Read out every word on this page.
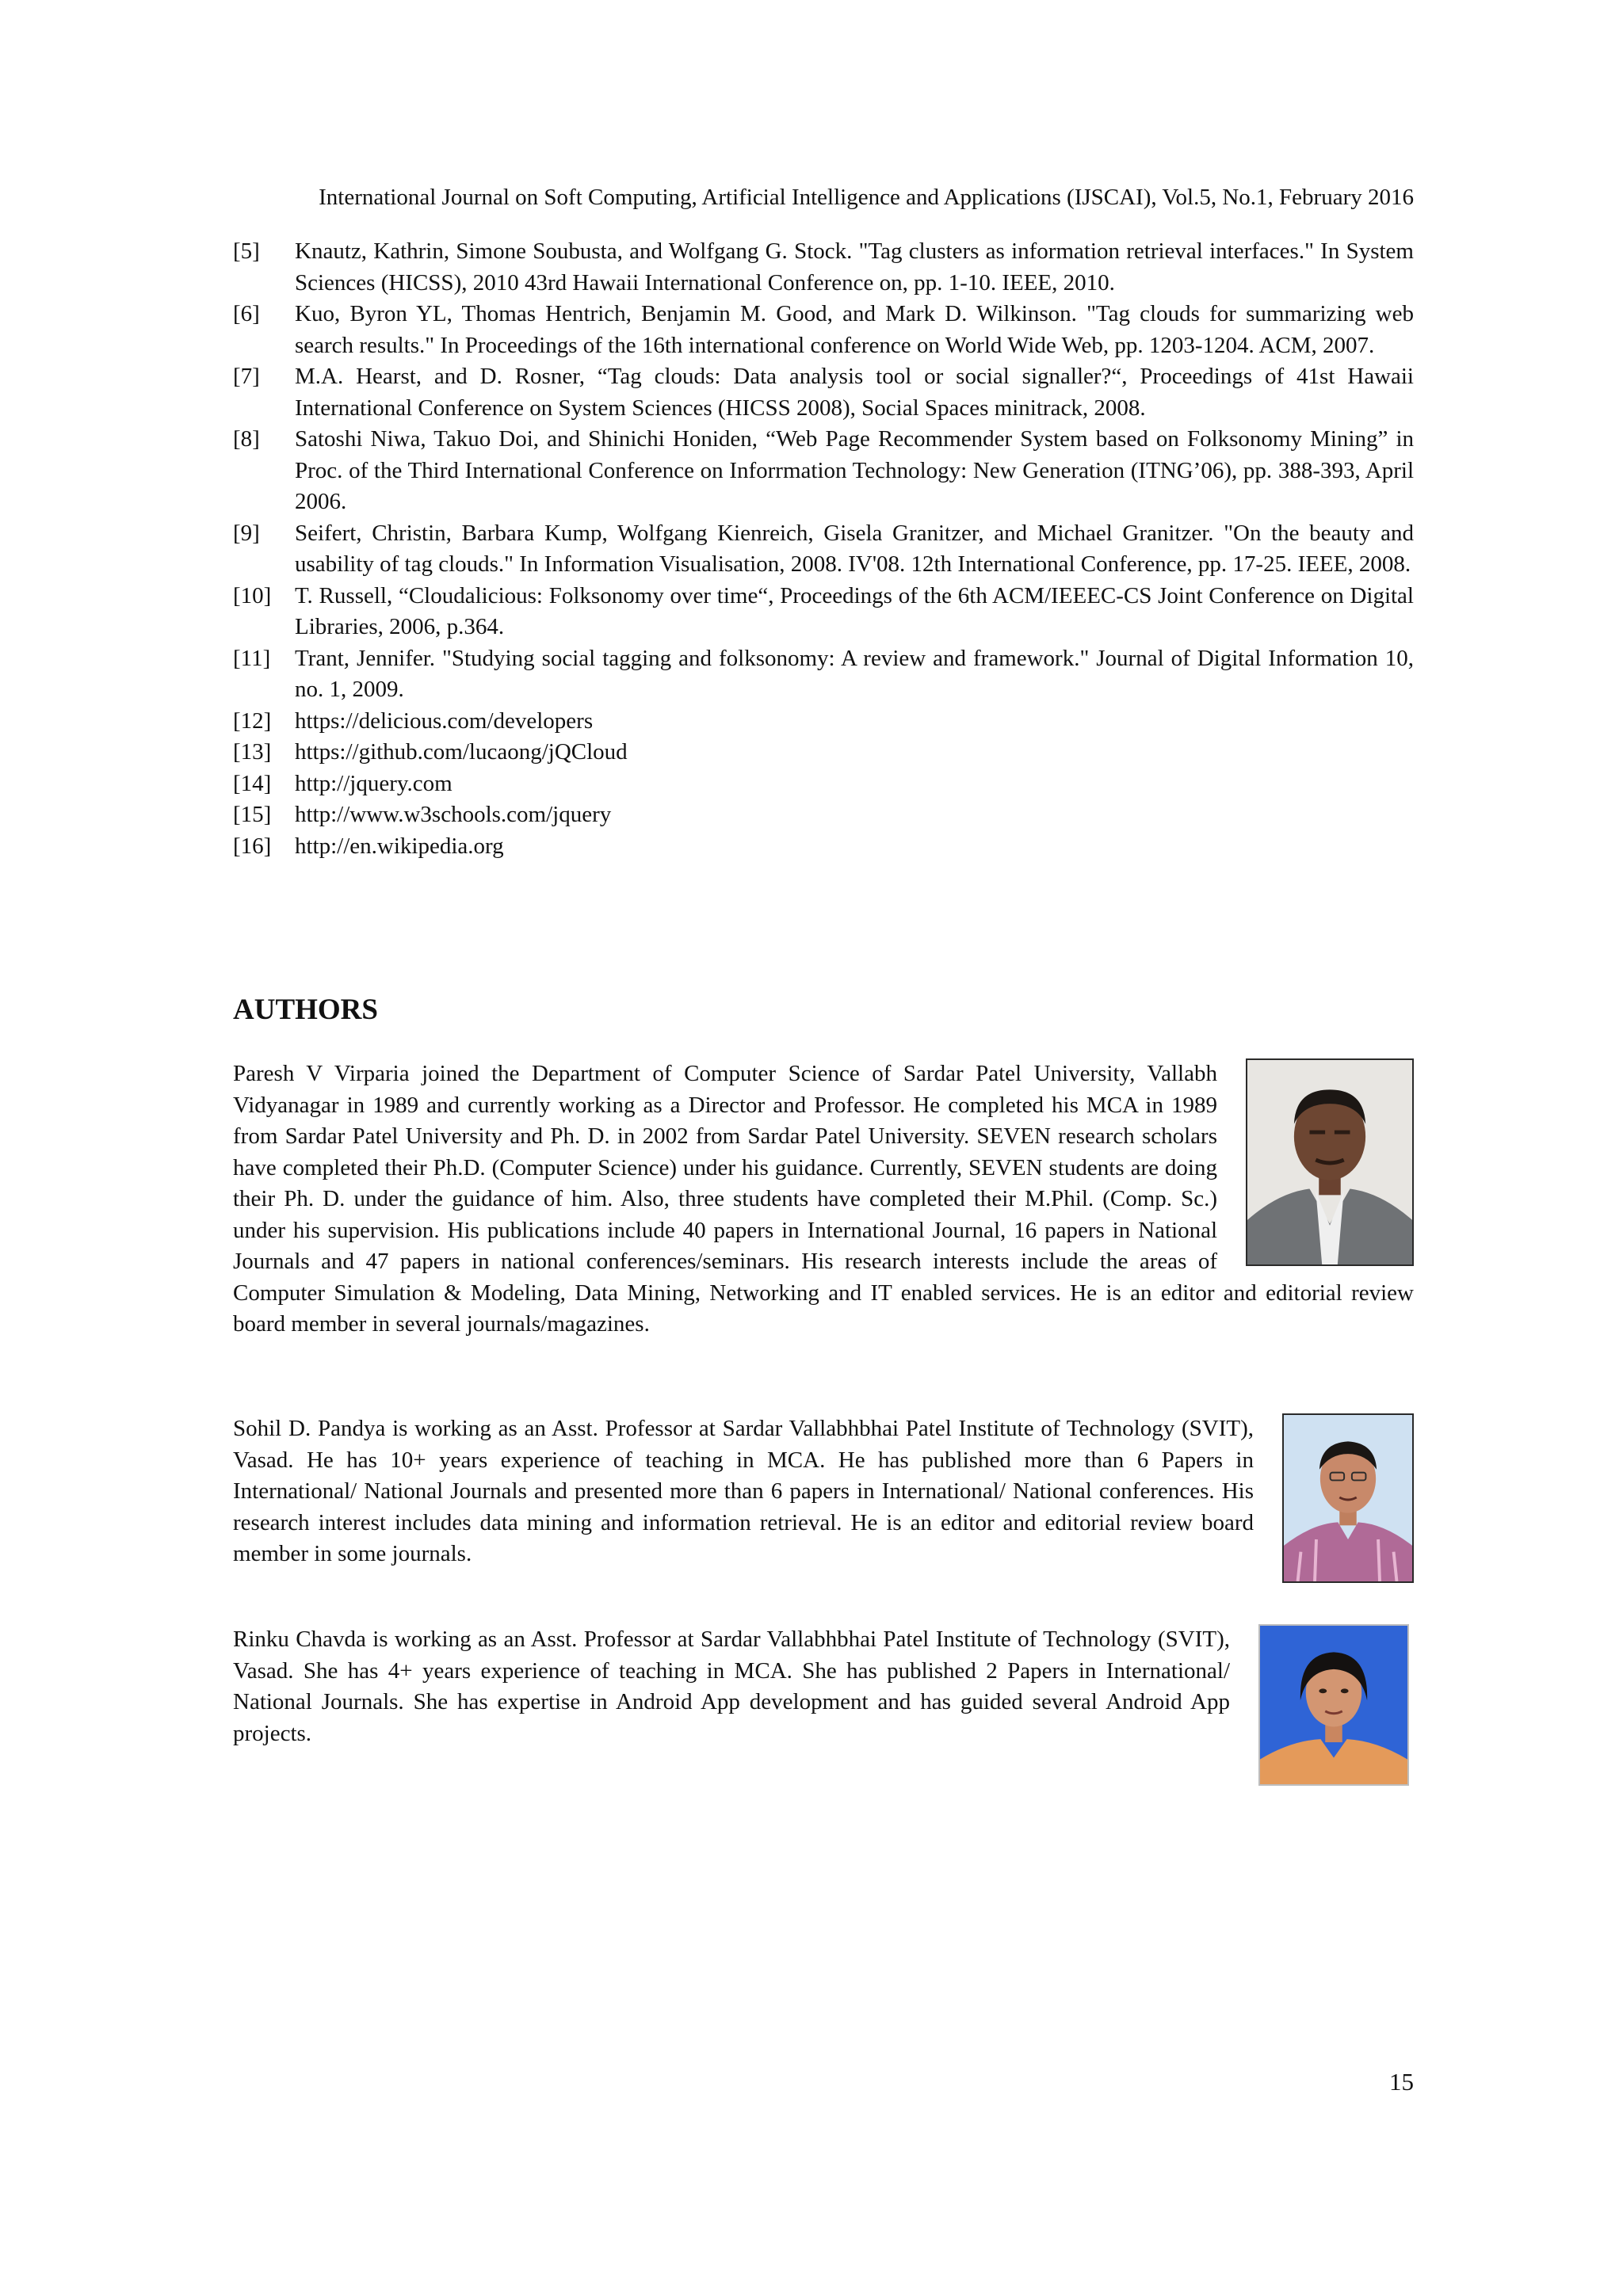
International Journal on Soft Computing, Artificial Intelligence and Applications (IJSCAI), Vol.5, No.1, February 2016
[5]	Knautz, Kathrin, Simone Soubusta, and Wolfgang G. Stock. "Tag clusters as information retrieval interfaces." In System Sciences (HICSS), 2010 43rd Hawaii International Conference on, pp. 1-10. IEEE, 2010.
[6]	Kuo, Byron YL, Thomas Hentrich, Benjamin M. Good, and Mark D. Wilkinson. "Tag clouds for summarizing web search results." In Proceedings of the 16th international conference on World Wide Web, pp. 1203-1204. ACM, 2007.
[7]	M.A. Hearst, and D. Rosner, “Tag clouds: Data analysis tool or social signaller?“, Proceedings of 41st Hawaii International Conference on System Sciences (HICSS 2008), Social Spaces minitrack, 2008.
[8]	Satoshi Niwa, Takuo Doi, and Shinichi Honiden, “Web Page Recommender System based on Folksonomy Mining” in Proc. of the Third International Conference on Inforrmation Technology: New Generation (ITNG’06), pp. 388-393, April 2006.
[9]	Seifert, Christin, Barbara Kump, Wolfgang Kienreich, Gisela Granitzer, and Michael Granitzer. "On the beauty and usability of tag clouds." In Information Visualisation, 2008. IV'08. 12th International Conference, pp. 17-25. IEEE, 2008.
[10]	T. Russell, “Cloudalicious: Folksonomy over time“, Proceedings of the 6th ACM/IEEEC-CS Joint Conference on Digital Libraries, 2006, p.364.
[11]	Trant, Jennifer. "Studying social tagging and folksonomy: A review and framework." Journal of Digital Information 10, no. 1, 2009.
[12]	https://delicious.com/developers
[13]	https://github.com/lucaong/jQCloud
[14]	http://jquery.com
[15]	http://www.w3schools.com/jquery
[16]	http://en.wikipedia.org
AUTHORS
Paresh V Virparia joined the Department of Computer Science of Sardar Patel University, Vallabh Vidyanagar in 1989 and currently working as a Director and Professor. He completed his MCA in 1989 from Sardar Patel University and Ph. D. in 2002 from Sardar Patel University. SEVEN research scholars have completed their Ph.D. (Computer Science) under his guidance. Currently, SEVEN students are doing their Ph. D. under the guidance of him. Also, three students have completed their M.Phil. (Comp. Sc.) under his supervision. His publications include 40 papers in International Journal, 16 papers in National Journals and 47 papers in national conferences/seminars. His research interests include the areas of Computer Simulation & Modeling, Data Mining, Networking and IT enabled services. He is an editor and editorial review board member in several journals/magazines.
Sohil D. Pandya is working as an Asst. Professor at Sardar Vallabhbhai Patel Institute of Technology (SVIT), Vasad. He has 10+ years experience of teaching in MCA. He has published more than 6 Papers in International/ National Journals and presented more than 6 papers in International/ National conferences. His research interest includes data mining and information retrieval. He is an editor and editorial review board member in some journals.
Rinku Chavda is working as an Asst. Professor at Sardar Vallabhbhai Patel Institute of Technology (SVIT), Vasad. She has 4+ years experience of teaching in MCA. She has published 2 Papers in International/ National Journals. She has expertise in Android App development and has guided several Android App projects.
15
